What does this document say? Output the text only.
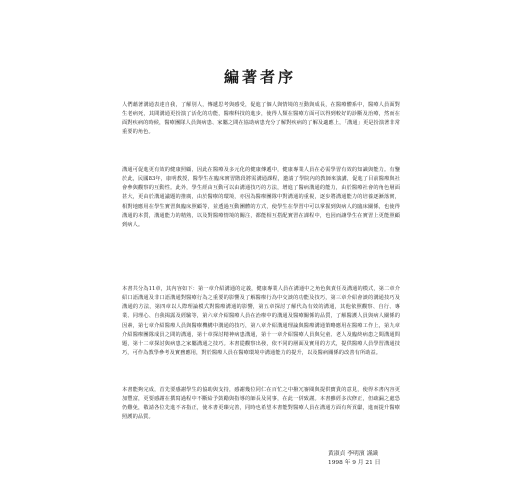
編著者序

人們藉著溝通表達自我，了解別人，傳遞思考與感受，促進了個人與情境的互動與成長，在醫療體系中，醫療人員面對生老病死，其間溝通更扮演了活化的功能，醫療科技的進步，使得人類在醫療方面可以得到較好的診斷及治療，然而在面對疾病的時候，醫療團隊人員與病患、家屬之間在協助病患充分了解對疾病的了解及適應上，「溝通」更是扮演著非常重要的角色。

溝通可促進更有效的健康照顧，因此在醫療及多元化的健康傳遞中，健康專業人員在必需學習有效的知識與能力。有鑒於此，民國83年，康明教授，醫學生在臨床實習階段將需溝通課程，邀請了學院內的教師來演講，促進了目前醫療與社會參與觀察的互動性。此外，學生經由互動可以由溝通技巧的方法，增進了醫病溝通的能力，由於醫療社會的角色層面甚大，更由於溝通議題的推廣，由於醫療的環境，亦因為醫療團隊中對溝通的重視，逐步將溝通能力的培養逐漸落實，相對地應用在學生實習與臨床照顧等，並透過互動團體的方式，使學生在學習中可以掌握到與病人的臨床關係，也使得溝通的本質，溝通能力的精熟，以及對醫療情境的關注，都能相互搭配實習在課程中，也因而讓學生在實習上更能照顧到病人。

本書共分為11章，其內容如下：第一章介紹溝通的定義，健康專業人員在溝通中之角色與責任及溝通的模式，第二章介紹口語溝通及非口語溝通對醫療行為之重要的影響及了解醫療行為中交談的功能及技巧，第三章介紹會談的溝通技巧及溝通的方法，第四章以人際理論模式對醫療溝通的影響，第五章探討了解代為有效的溝通，其他依照觀察、自行、專業、同理心、自我揭露及經驗等，第六章介紹醫療人員在治療中的溝通及醫療關係的品質，了解醫護人員與病人關係的因素，第七章介紹醫療人員與醫療機構中溝通的技巧，第八章介紹溝通理論與醫療溝通策略應用在醫療工作上，第九章介紹醫療團隊成員之間的溝通，第十章探討精神病患溝通，第十一章介紹醫療人員與兒童、老人及臨終病患之間溝通問題，第十二章探討與病患之家屬溝通之技巧。本書從觀察出發，依不同的層面及實用的方式，提供醫療人員學習溝通技巧，可作為教學參考及實務應用，對於醫療人員在醫療環境中溝通能力的提升，以及醫病關係的改善有所助益。

本書能夠完成，首先要感謝學生的協助與支持，感謝幾位同仁在百忙之中撥冗審閱與提供寶貴的意見，使得本書內容更加豐富，更要感謝在撰寫過程中不斷給予鼓勵與指導的師長及同事，在此一併致謝。本書雖經多次修正，但疏漏之處恐仍難免，敬請各位先進不吝指正，使本書更臻完善，同時也希望本書能對醫療人員在溝通方面有所貢獻，進而提升醫療照護的品質。

黃淑貞 李明濱 謹識
1998 年 9 月 21 日
